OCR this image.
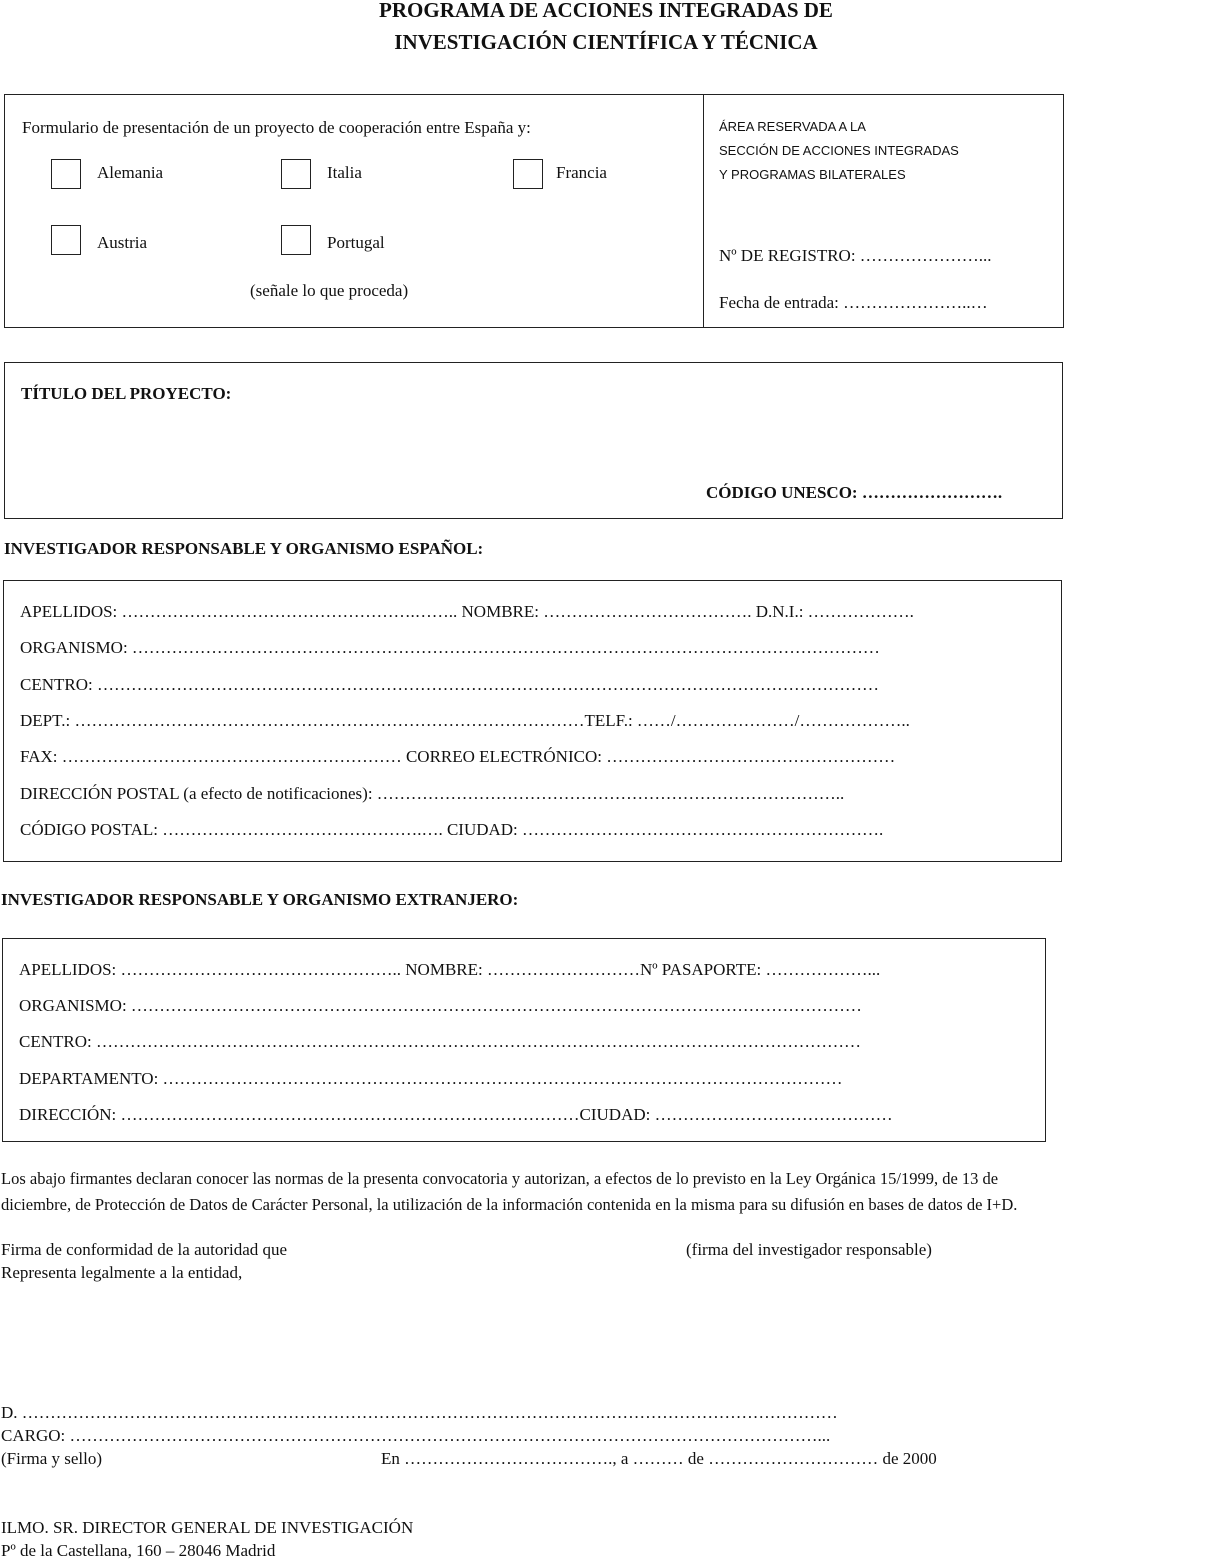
PROGRAMA DE ACCIONES INTEGRADAS DE
INVESTIGACIÓN CIENTÍFICA Y TÉCNICA
Formulario de presentación de un proyecto de cooperación entre España y:
Alemania	Italia	Francia
Austria	Portugal
(señale lo que proceda)
ÁREA RESERVADA A LA
SECCIÓN DE ACCIONES INTEGRADAS
Y PROGRAMAS BILATERALES
Nº DE REGISTRO: …………………...
Fecha de entrada: …………………..…
TÍTULO DEL PROYECTO:
CÓDIGO UNESCO: …………………….
INVESTIGADOR RESPONSABLE Y ORGANISMO ESPAÑOL:
APELLIDOS: …………………………………………….…….. NOMBRE: ………………………………. D.N.I.: ……………….
ORGANISMO: ……………………………………………………………………………………………………………………
CENTRO: …………………………………………………………………………………………………………………………
DEPT.: ………………………………………………………………………………TELF.: ……/…………………/………………..
FAX: …………………………………………………… CORREO ELECTRÓNICO: ……………………………………………
DIRECCIÓN POSTAL (a efecto de notificaciones): ………………………………………………………………………..
CÓDIGO POSTAL: ……………………………………….…. CIUDAD: ……………………………………………………….
INVESTIGADOR RESPONSABLE Y ORGANISMO EXTRANJERO:
APELLIDOS: ………………………………………….. NOMBRE: ………………………Nº PASAPORTE: ………………...
ORGANISMO: …………………………………………………………………………………………………………………
CENTRO: ………………………………………………………………………………………………………………………
DEPARTAMENTO: …………………………………………………………………………………………………………
DIRECCIÓN: ………………………………………………………………………CIUDAD: ……………………………………
Los abajo firmantes declaran conocer las normas de la presenta convocatoria y autorizan, a efectos de lo previsto en la Ley Orgánica 15/1999, de 13 de
diciembre, de Protección de Datos de Carácter Personal, la utilización de la información contenida en la misma para su difusión en bases de datos de I+D.
Firma de conformidad de la autoridad que
Representa legalmente a la entidad,
(firma del investigador responsable)
D. ………………………………………………………………………………………………………………………………
CARGO: ……………………………………………………………………………………………………………………...
(Firma y sello)	En ………………………………., a ……… de ………………………… de 2000
ILMO. SR. DIRECTOR GENERAL DE INVESTIGACIÓN
Pº de la Castellana, 160 – 28046 Madrid
